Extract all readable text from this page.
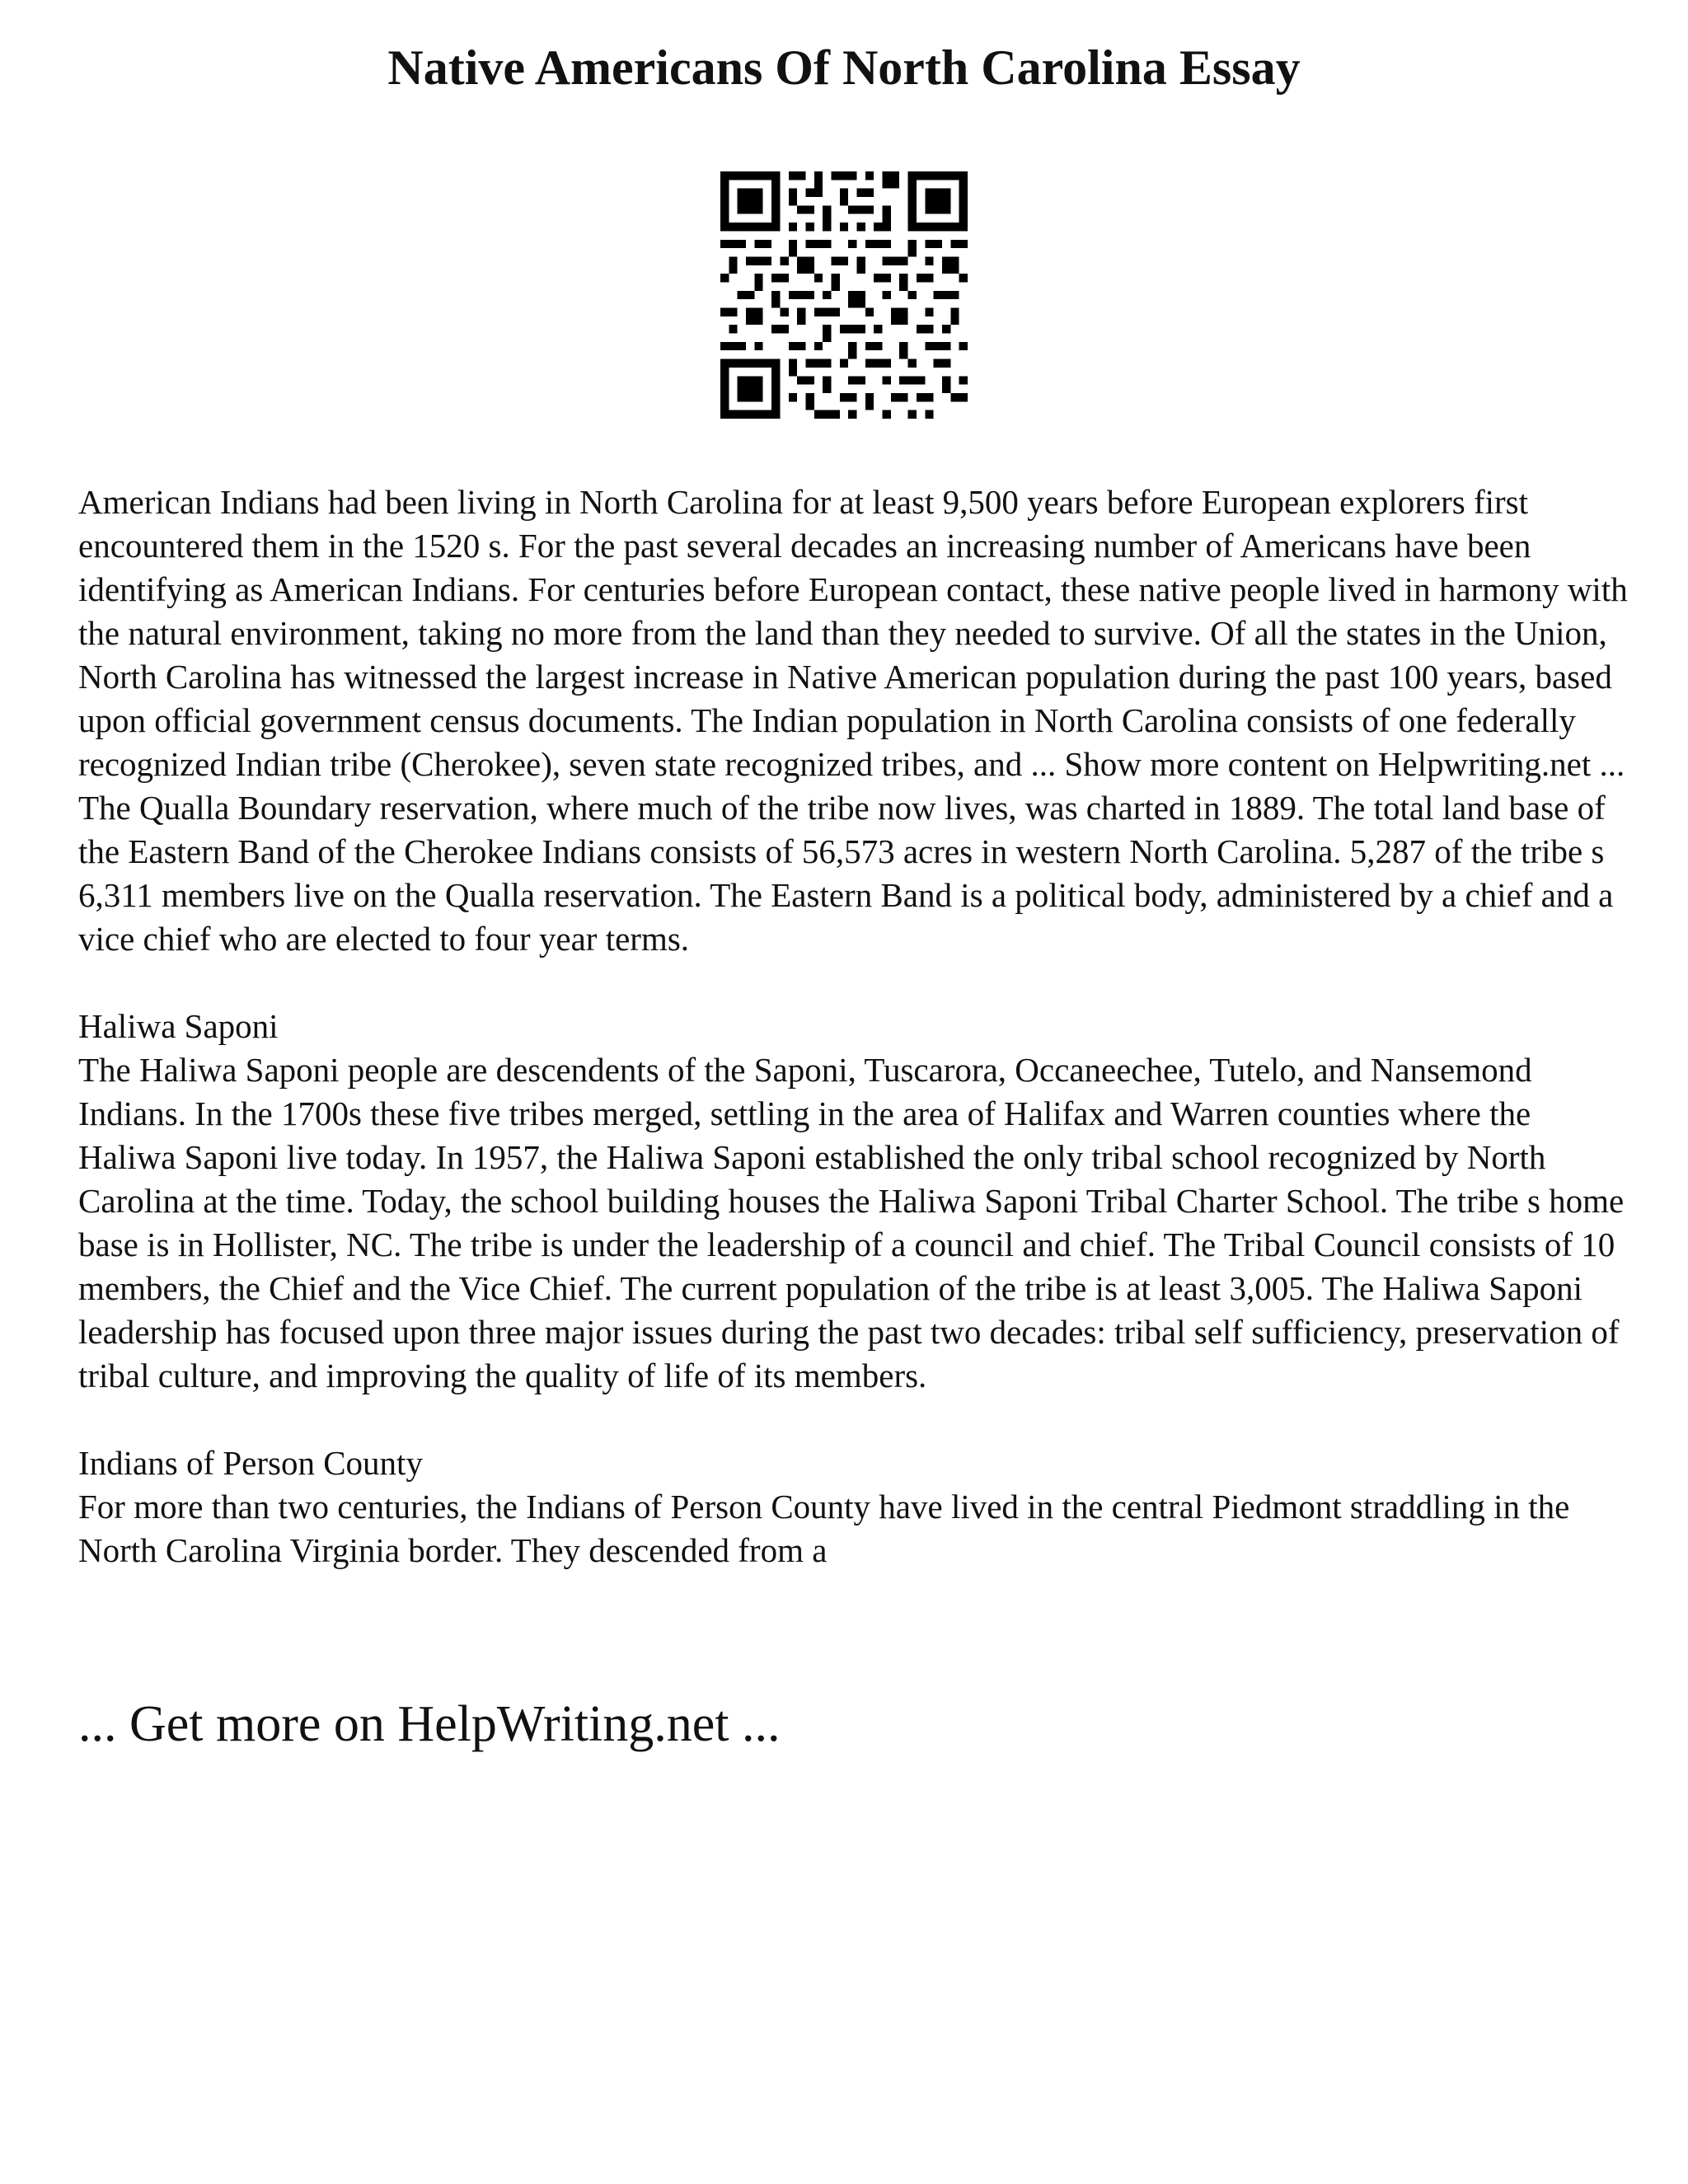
Native Americans Of North Carolina Essay

American Indians had been living in North Carolina for at least 9,500 years before European explorers first encountered them in the 1520 s. For the past several decades an increasing number of Americans have been identifying as American Indians. For centuries before European contact, these native people lived in harmony with the natural environment, taking no more from the land than they needed to survive. Of all the states in the Union, North Carolina has witnessed the largest increase in Native American population during the past 100 years, based upon official government census documents. The Indian population in North Carolina consists of one federally recognized Indian tribe (Cherokee), seven state recognized tribes, and ... Show more content on Helpwriting.net ...

The Qualla Boundary reservation, where much of the tribe now lives, was charted in 1889. The total land base of the Eastern Band of the Cherokee Indians consists of 56,573 acres in western North Carolina. 5,287 of the tribe s 6,311 members live on the Qualla reservation. The Eastern Band is a political body, administered by a chief and a vice chief who are elected to four year terms.

Haliwa Saponi

The Haliwa Saponi people are descendents of the Saponi, Tuscarora, Occaneechee, Tutelo, and Nansemond Indians. In the 1700s these five tribes merged, settling in the area of Halifax and Warren counties where the Haliwa Saponi live today. In 1957, the Haliwa Saponi established the only tribal school recognized by North Carolina at the time. Today, the school building houses the Haliwa Saponi Tribal Charter School. The tribe s home base is in Hollister, NC. The tribe is under the leadership of a council and chief. The Tribal Council consists of 10 members, the Chief and the Vice Chief. The current population of the tribe is at least 3,005. The Haliwa Saponi leadership has focused upon three major issues during the past two decades: tribal self sufficiency, preservation of tribal culture, and improving the quality of life of its members.

Indians of Person County

For more than two centuries, the Indians of Person County have lived in the central Piedmont straddling in the North Carolina Virginia border. They descended from a

... Get more on HelpWriting.net ...
